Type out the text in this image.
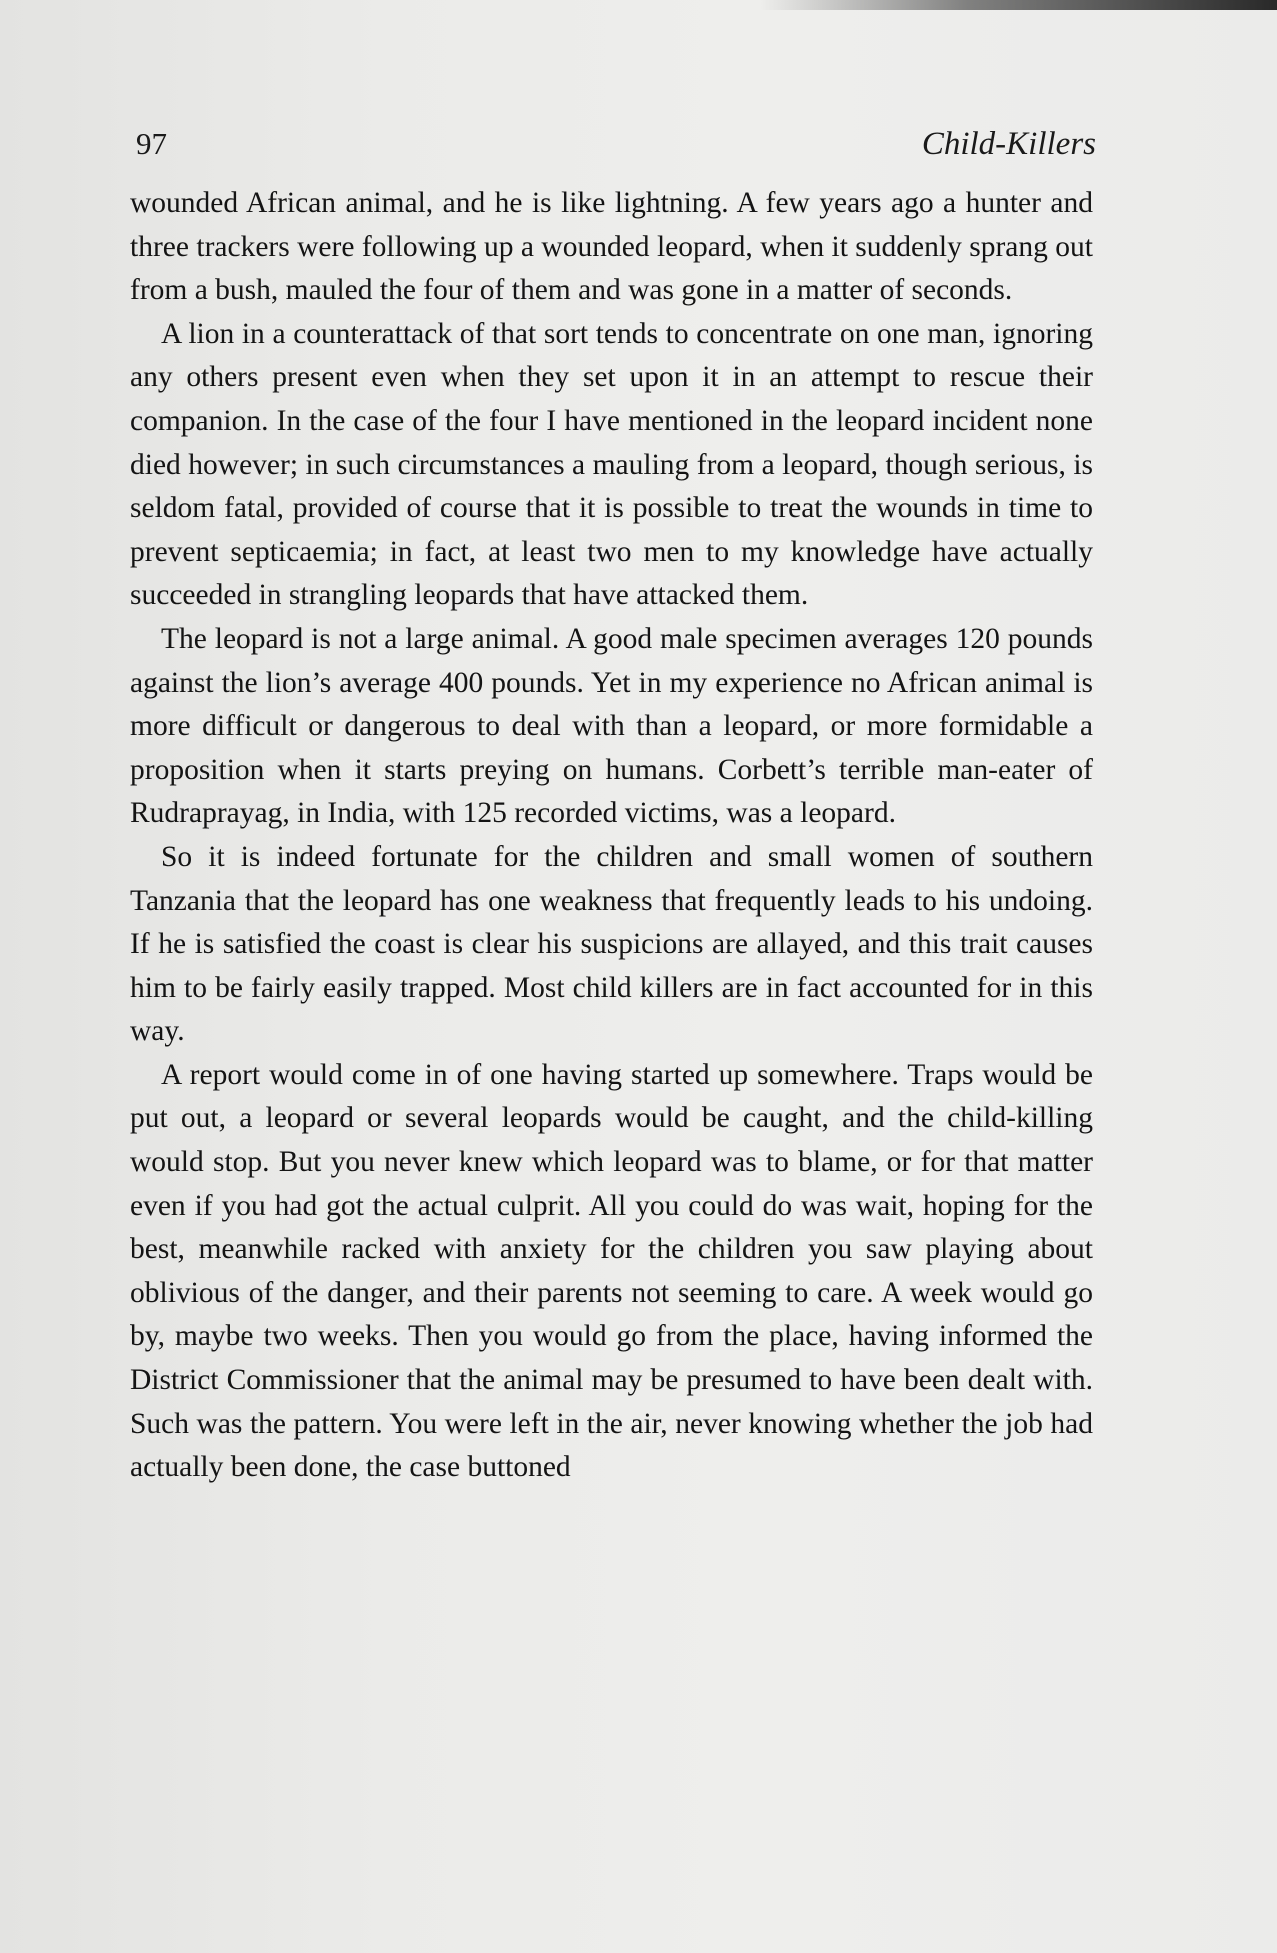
97	Child-Killers

wounded African animal, and he is like lightning. A few years ago a hunter and three trackers were following up a wounded leopard, when it suddenly sprang out from a bush, mauled the four of them and was gone in a matter of seconds.

A lion in a counterattack of that sort tends to concentrate on one man, ignoring any others present even when they set upon it in an attempt to rescue their companion. In the case of the four I have mentioned in the leopard incident none died however; in such circumstances a mauling from a leopard, though serious, is seldom fatal, provided of course that it is possible to treat the wounds in time to prevent septicaemia; in fact, at least two men to my knowledge have actually succeeded in strangling leopards that have attacked them.

The leopard is not a large animal. A good male specimen averages 120 pounds against the lion’s average 400 pounds. Yet in my experience no African animal is more difficult or dangerous to deal with than a leopard, or more formidable a proposition when it starts preying on humans. Corbett’s terrible man-eater of Rudraprayag, in India, with 125 recorded victims, was a leopard.

So it is indeed fortunate for the children and small women of southern Tanzania that the leopard has one weakness that frequently leads to his undoing. If he is satisfied the coast is clear his suspicions are allayed, and this trait causes him to be fairly easily trapped. Most child killers are in fact accounted for in this way.

A report would come in of one having started up somewhere. Traps would be put out, a leopard or several leopards would be caught, and the child-killing would stop. But you never knew which leopard was to blame, or for that matter even if you had got the actual culprit. All you could do was wait, hoping for the best, meanwhile racked with anxiety for the children you saw playing about oblivious of the danger, and their parents not seeming to care. A week would go by, maybe two weeks. Then you would go from the place, having informed the District Commissioner that the animal may be presumed to have been dealt with. Such was the pattern. You were left in the air, never knowing whether the job had actually been done, the case buttoned
